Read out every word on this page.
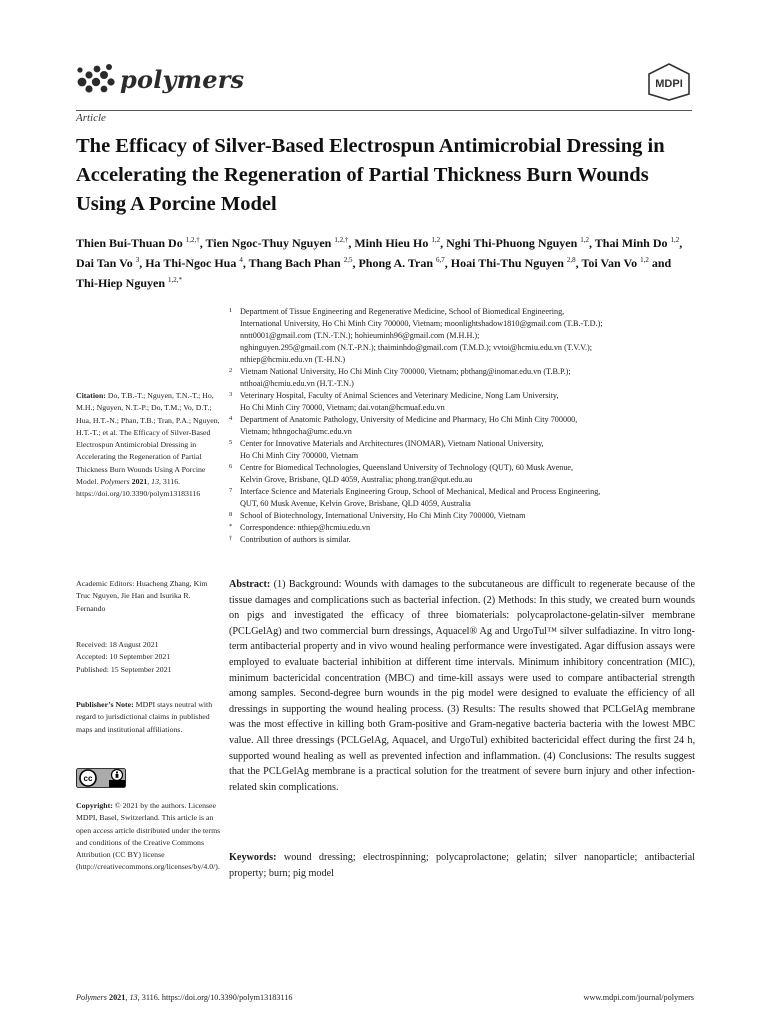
polymers	MDPI
Article
The Efficacy of Silver-Based Electrospun Antimicrobial Dressing in Accelerating the Regeneration of Partial Thickness Burn Wounds Using A Porcine Model
Thien Bui-Thuan Do $^{1,2,\dagger}$, Tien Ngoc-Thuy Nguyen $^{1,2,\dagger}$, Minh Hieu Ho $^{1,2}$, Nghi Thi-Phuong Nguyen $^{1,2}$, Thai Minh Do $^{1,2}$, Dai Tan Vo $^3$, Ha Thi-Ngoc Hua $^4$, Thang Bach Phan $^{2,5}$, Phong A. Tran $^{6,7}$, Hoai Thi-Thu Nguyen $^{2,8}$, Toi Van Vo $^{1,2}$ and Thi-Hiep Nguyen $^{1,2,*}$
1 Department of Tissue Engineering and Regenerative Medicine, School of Biomedical Engineering,
International University, Ho Chi Minh City 700000, Vietnam; moonlightshadow1810@gmail.com (T.B.-T.D.);
nntt0001@gmail.com (T.N.-T.N.); hohieuminh96@gmail.com (M.H.H.);
nghinguyen.295@gmail.com (N.T.-P.N.); thaiminhdo@gmail.com (T.M.D.); vvtoi@hcmiu.edu.vn (T.V.V.);
nthiep@hcmiu.edu.vn (T.-H.N.)
2 Vietnam National University, Ho Chi Minh City 700000, Vietnam; pbthang@inomar.edu.vn (T.B.P.);
ntthoai@hcmiu.edu.vn (H.T.-T.N.)
3 Veterinary Hospital, Faculty of Animal Sciences and Veterinary Medicine, Nong Lam University,
Ho Chi Minh City 70000, Vietnam; dai.votan@hcmuaf.edu.vn
4 Department of Anatomic Pathology, University of Medicine and Pharmacy, Ho Chi Minh City 700000,
Vietnam; hthngocha@umc.edu.vn
5 Center for Innovative Materials and Architectures (INOMAR), Vietnam National University,
Ho Chi Minh City 700000, Vietnam
6 Centre for Biomedical Technologies, Queensland University of Technology (QUT), 60 Musk Avenue,
Kelvin Grove, Brisbane, QLD 4059, Australia; phong.tran@qut.edu.au
7 Interface Science and Materials Engineering Group, School of Mechanical, Medical and Process Engineering,
QUT, 60 Musk Avenue, Kelvin Grove, Brisbane, QLD 4059, Australia
8 School of Biotechnology, International University, Ho Chi Minh City 700000, Vietnam
* Correspondence: nthiep@hcmiu.edu.vn
† Contribution of authors is similar.
Citation: Do, T.B.-T.; Nguyen, T.N.-T.; Ho, M.H.; Nguyen, N.T.-P.; Do, T.M.; Vo, D.T.; Hua, H.T.-N.; Phan, T.B.; Tran, P.A.; Nguyen, H.T.-T.; et al. The Efficacy of Silver-Based Electrospun Antimicrobial Dressing in Accelerating the Regeneration of Partial Thickness Burn Wounds Using A Porcine Model. Polymers 2021, 13, 3116. https://doi.org/10.3390/polym13183116
Academic Editors: Huacheng Zhang, Kim Truc Nguyen, Jie Han and Isurika R. Fernando
Received: 18 August 2021
Accepted: 10 September 2021
Published: 15 September 2021
Publisher’s Note: MDPI stays neutral with regard to jurisdictional claims in published maps and institutional affiliations.
cc
Copyright: © 2021 by the authors. Licensee MDPI, Basel, Switzerland. This article is an open access article distributed under the terms and conditions of the Creative Commons Attribution (CC BY) license (http://creativecommons.org/licenses/by/4.0/).
Abstract: (1) Background: Wounds with damages to the subcutaneous are difficult to regenerate because of the tissue damages and complications such as bacterial infection. (2) Methods: In this study, we created burn wounds on pigs and investigated the efficacy of three biomaterials: polycaprolactone-gelatin-silver membrane (PCLGelAg) and two commercial burn dressings, Aquacel® Ag and UrgoTul™ silver sulfadiazine. In vitro long-term antibacterial property and in vivo wound healing performance were investigated. Agar diffusion assays were employed to evaluate bacterial inhibition at different time intervals. Minimum inhibitory concentration (MIC), minimum bactericidal concentration (MBC) and time-kill assays were used to compare antibacterial strength among samples. Second-degree burn wounds in the pig model were designed to evaluate the efficiency of all dressings in supporting the wound healing process. (3) Results: The results showed that PCLGelAg membrane was the most effective in killing both Gram-positive and Gram-negative bacteria bacteria with the lowest MBC value. All three dressings (PCLGelAg, Aquacel, and UrgoTul) exhibited bactericidal effect during the first 24 h, supported wound healing as well as prevented infection and inflammation. (4) Conclusions: The results suggest that the PCLGelAg membrane is a practical solution for the treatment of severe burn injury and other infection-related skin complications.
Keywords: wound dressing; electrospinning; polycaprolactone; gelatin; silver nanoparticle; antibacterial property; burn; pig model
Polymers 2021, 13, 3116. https://doi.org/10.3390/polym13183116	www.mdpi.com/journal/polymers
